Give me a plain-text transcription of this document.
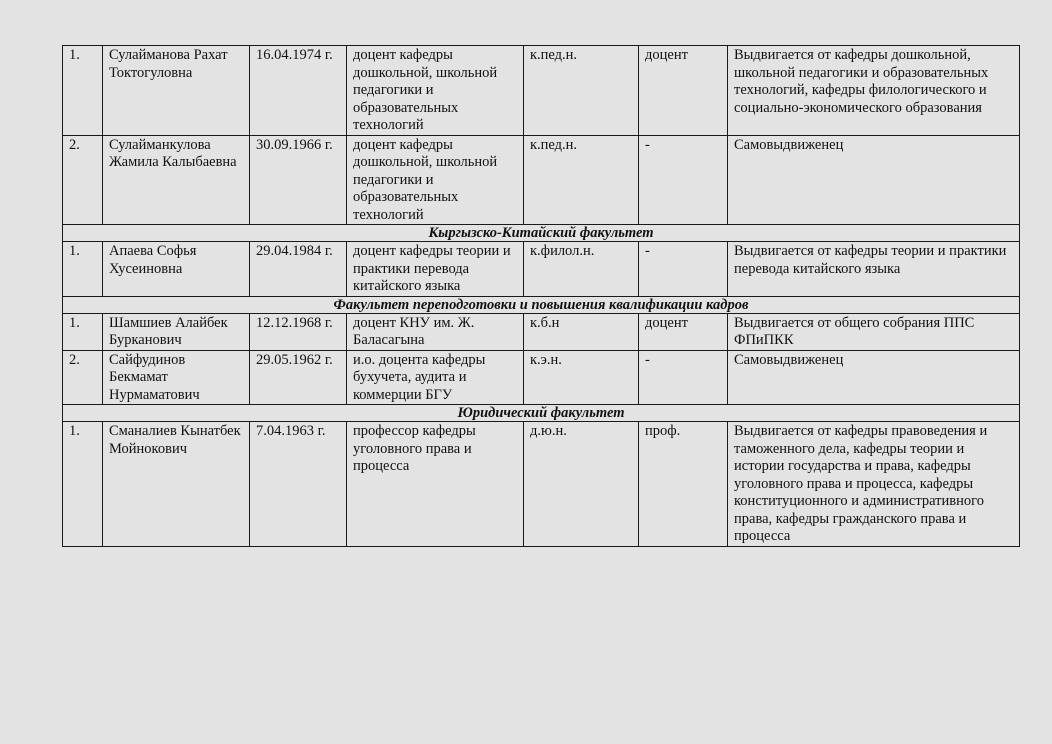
1.	Сулайманова Рахат Токтогуловна	16.04.1974 г.	доцент кафедры дошкольной, школьной педагогики и образовательных технологий	к.пед.н.	доцент	Выдвигается от кафедры дошкольной, школьной педагогики и образовательных технологий, кафедры филологического и социально-экономического образования
2.	Сулайманкулова Жамила Калыбаевна	30.09.1966 г.	доцент кафедры дошкольной, школьной педагогики и образовательных технологий	к.пед.н.	-	Самовыдвиженец
Кыргызско-Китайский факультет						
1.	Апаева Софья Хусеиновна	29.04.1984 г.	доцент кафедры теории и практики перевода китайского языка	к.филол.н.	-	Выдвигается от кафедры теории и практики перевода китайского языка
Факультет переподготовки и повышения квалификации кадров						
1.	Шамшиев Алайбек Бурканович	12.12.1968 г.	доцент КНУ им. Ж. Баласагына	к.б.н	доцент	Выдвигается от общего собрания ППС ФПиПКК
2.	Сайфудинов Бекмамат Нурмаматович	29.05.1962 г.	и.о. доцента кафедры бухучета, аудита и коммерции БГУ	к.э.н.	-	Самовыдвиженец
Юридический факультет						
1.	Сманалиев Кынатбек Мойнокович	7.04.1963 г.	профессор кафедры уголовного права и процесса	д.ю.н.	проф.	Выдвигается от кафедры правоведения и таможенного дела, кафедры теории и истории государства и права, кафедры уголовного права и процесса, кафедры конституционного и административного права, кафедры гражданского права и процесса
